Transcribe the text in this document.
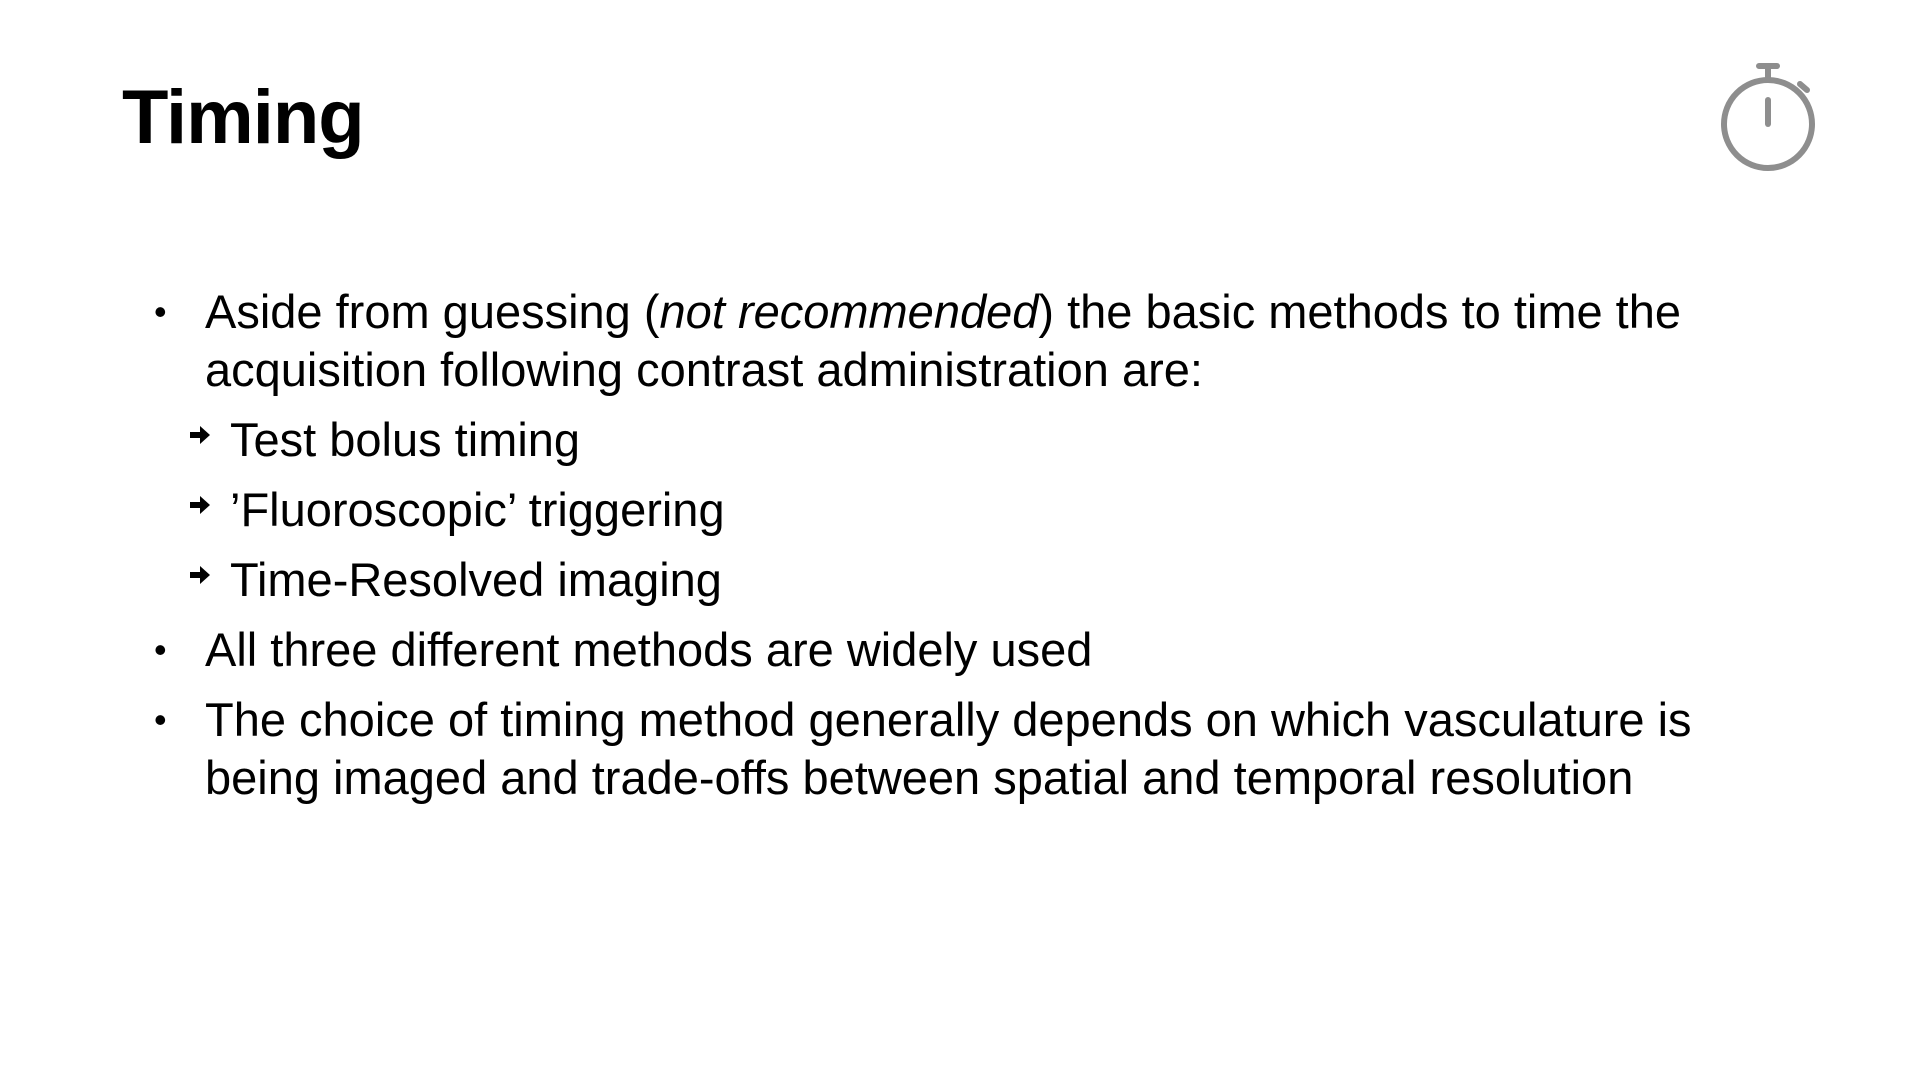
Timing
• Aside from guessing (not recommended) the basic methods to time the acquisition following contrast administration are:
Test bolus timing
’Fluoroscopic’ triggering
Time-Resolved imaging
• All three different methods are widely used
• The choice of timing method generally depends on which vasculature is being imaged and trade-offs between spatial and temporal resolution
